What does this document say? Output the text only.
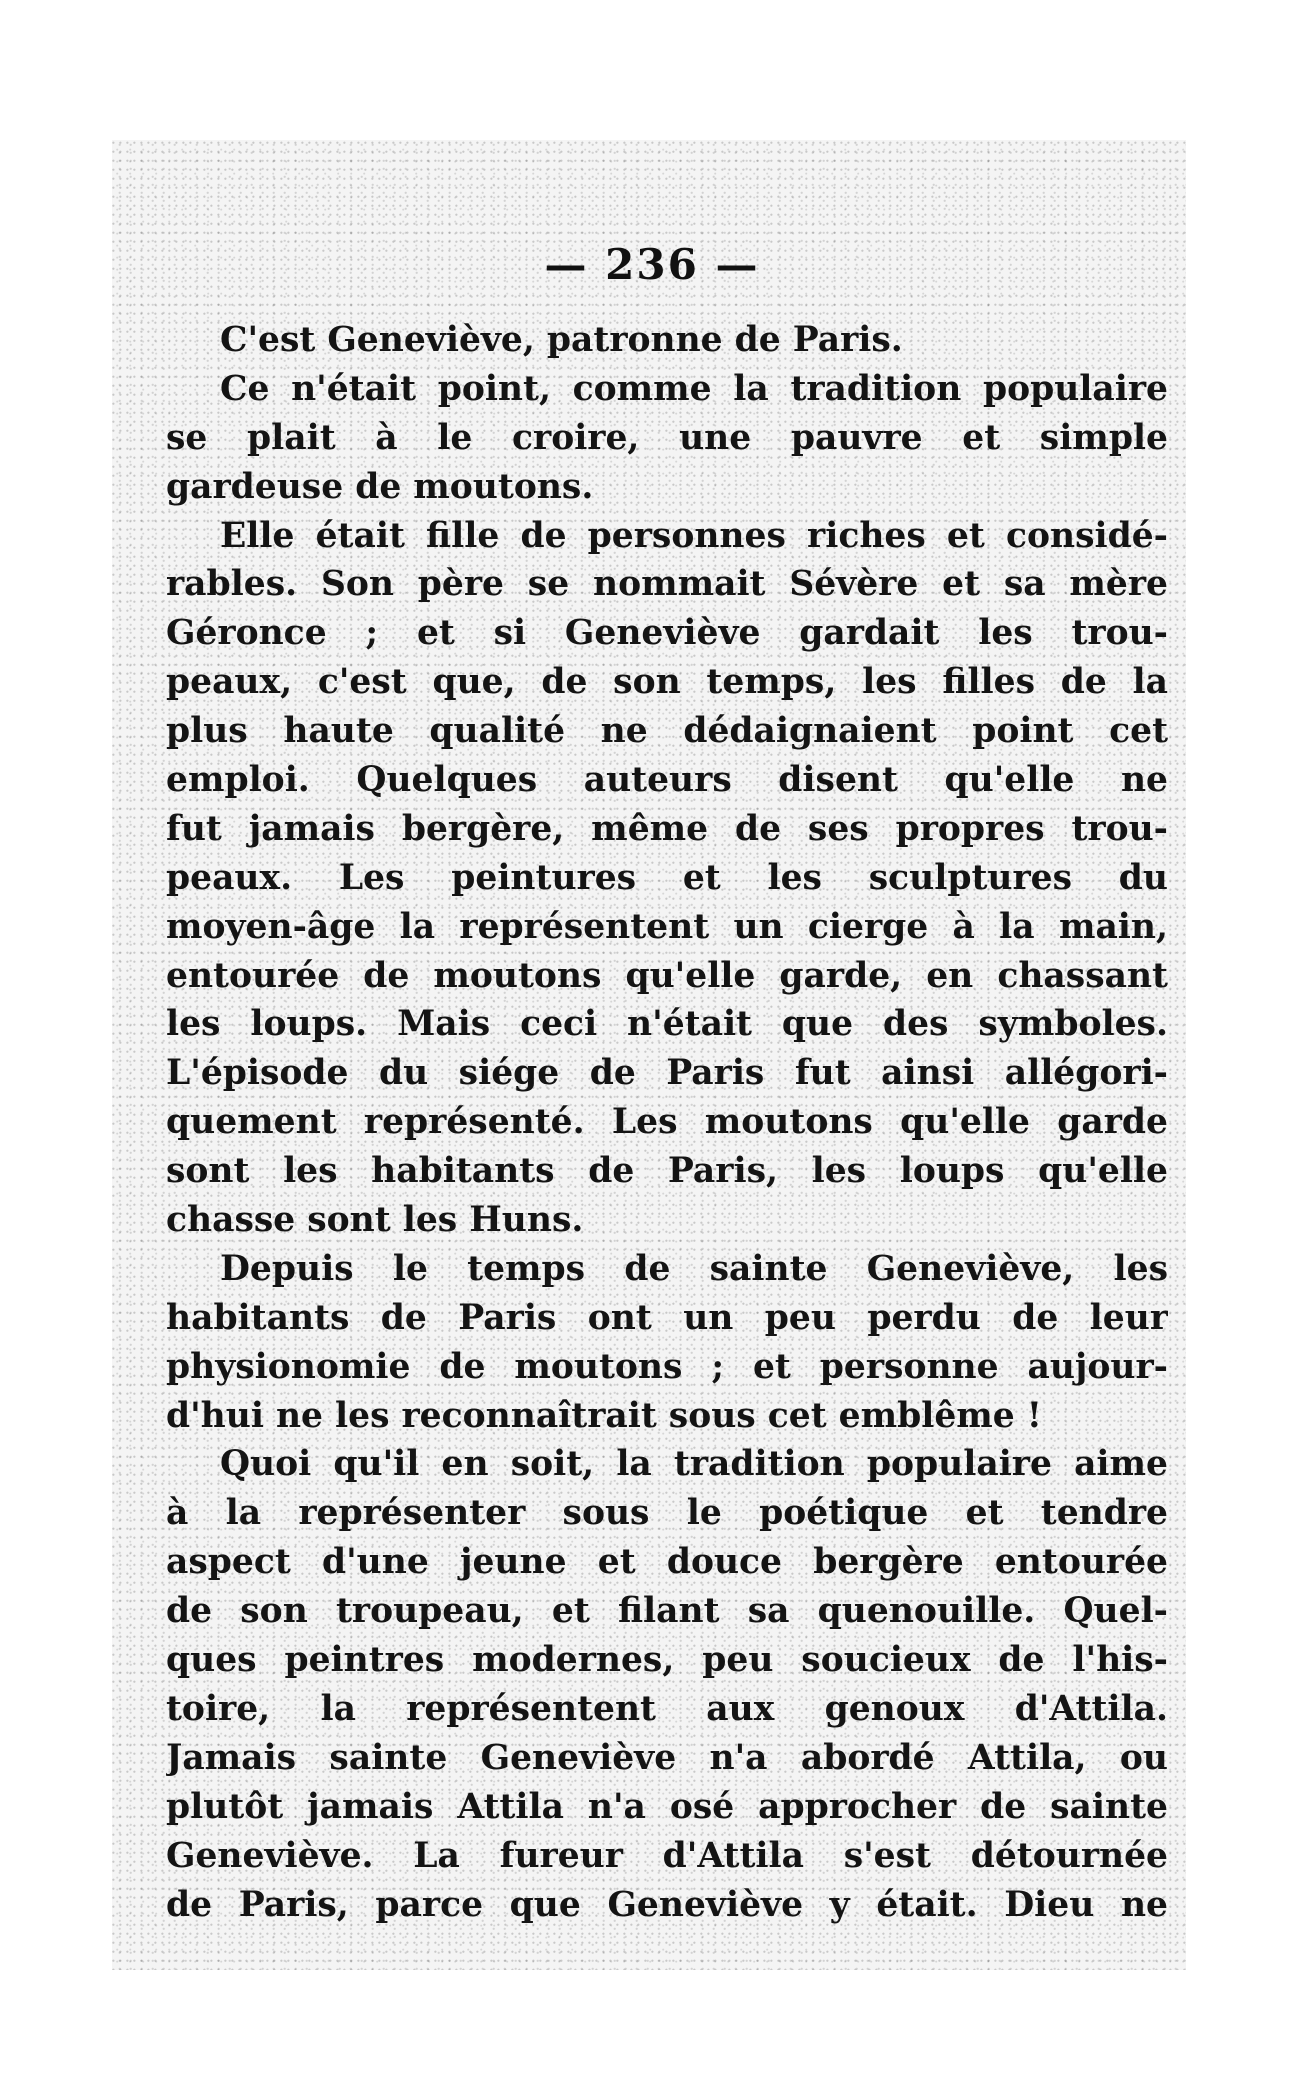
— 236 —
C'est Geneviève, patronne de Paris.
Ce n'était point, comme la tradition populaire
se plait à le croire, une pauvre et simple
gardeuse de moutons.
Elle était fille de personnes riches et considé-
rables. Son père se nommait Sévère et sa mère
Géronce ; et si Geneviève gardait les trou-
peaux, c'est que, de son temps, les filles de la
plus haute qualité ne dédaignaient point cet
emploi. Quelques auteurs disent qu'elle ne
fut jamais bergère, même de ses propres trou-
peaux. Les peintures et les sculptures du
moyen-âge la représentent un cierge à la main,
entourée de moutons qu'elle garde, en chassant
les loups. Mais ceci n'était que des symboles.
L'épisode du siége de Paris fut ainsi allégori-
quement représenté. Les moutons qu'elle garde
sont les habitants de Paris, les loups qu'elle
chasse sont les Huns.
Depuis le temps de sainte Geneviève, les
habitants de Paris ont un peu perdu de leur
physionomie de moutons ; et personne aujour-
d'hui ne les reconnaîtrait sous cet emblême !
Quoi qu'il en soit, la tradition populaire aime
à la représenter sous le poétique et tendre
aspect d'une jeune et douce bergère entourée
de son troupeau, et filant sa quenouille. Quel-
ques peintres modernes, peu soucieux de l'his-
toire, la représentent aux genoux d'Attila.
Jamais sainte Geneviève n'a abordé Attila, ou
plutôt jamais Attila n'a osé approcher de sainte
Geneviève. La fureur d'Attila s'est détournée
de Paris, parce que Geneviève y était. Dieu ne
